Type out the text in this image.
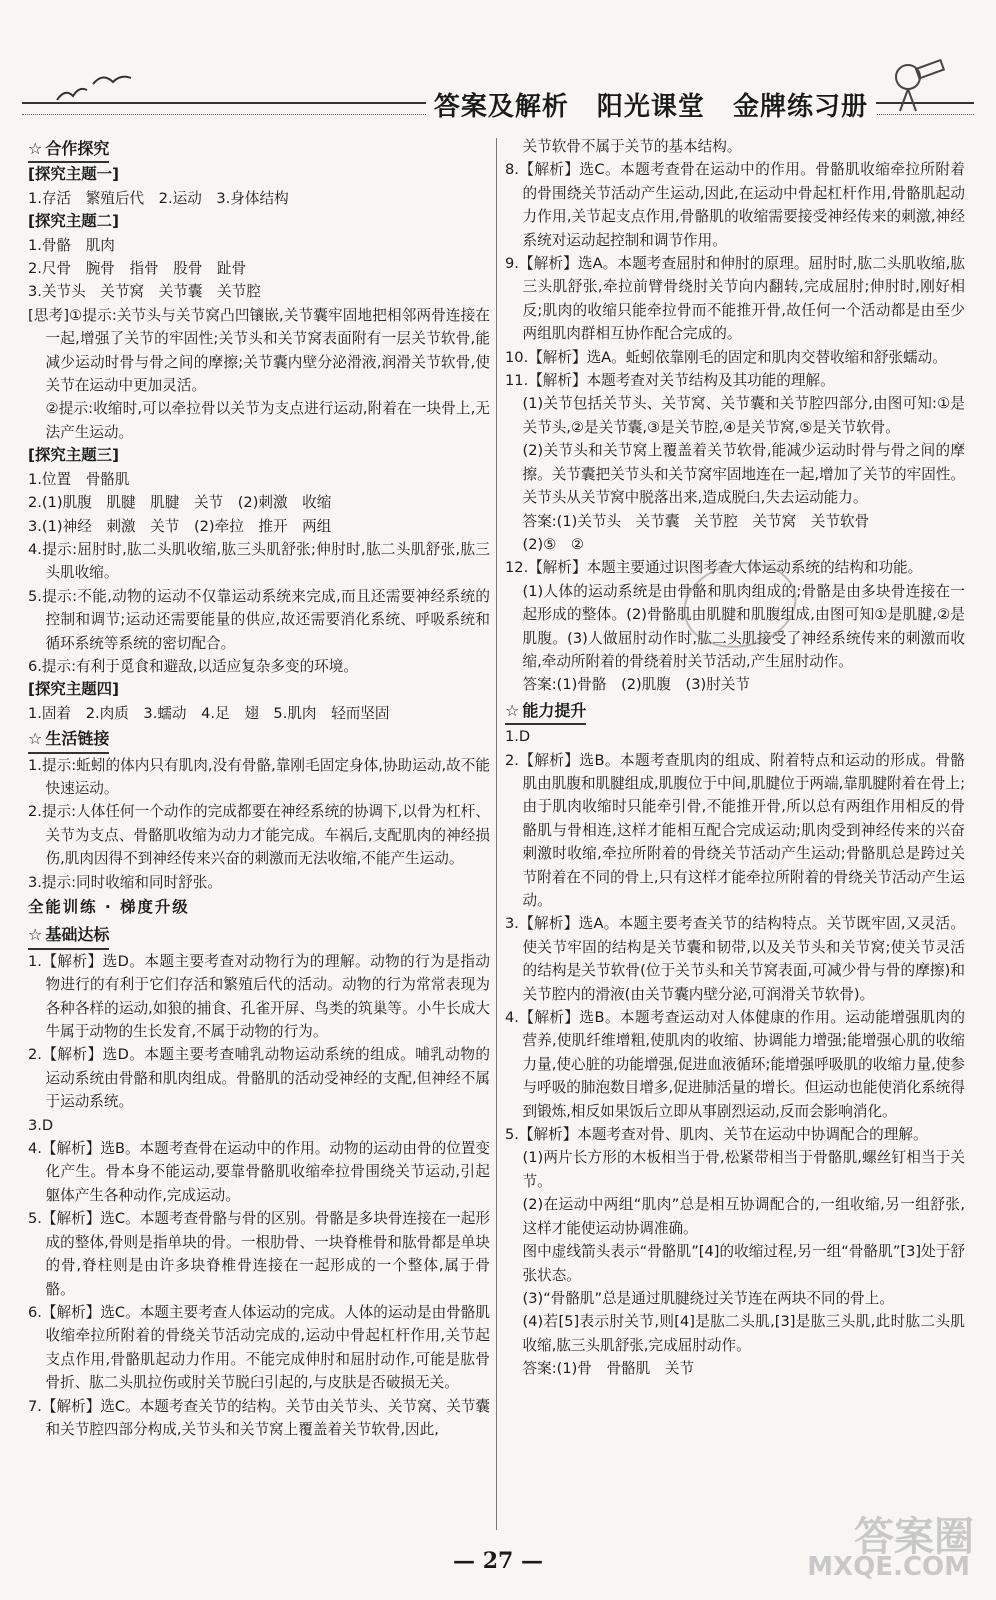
答案及解析 阳光课堂 金牌练习册
☆ 合作探究

[探究主题一]

1.存活　繁殖后代　2.运动　3.身体结构

[探究主题二]

1.骨骼　肌肉

2.尺骨　腕骨　指骨　股骨　趾骨

3.关节头　关节窝　关节囊　关节腔

[思考]①提示:关节头与关节窝凸凹镶嵌,关节囊牢固地把相邻两骨连接在一起,增强了关节的牢固性;关节头和关节窝表面附有一层关节软骨,能减少运动时骨与骨之间的摩擦;关节囊内壁分泌滑液,润滑关节软骨,使关节在运动中更加灵活。

②提示:收缩时,可以牵拉骨以关节为支点进行运动,附着在一块骨上,无法产生运动。

[探究主题三]

1.位置　骨骼肌

2.(1)肌腹　肌腱　肌腱　关节　(2)刺激　收缩

3.(1)神经　刺激　关节　(2)牵拉　推开　两组

4.提示:屈肘时,肱二头肌收缩,肱三头肌舒张;伸肘时,肱二头肌舒张,肱三头肌收缩。

5.提示:不能,动物的运动不仅靠运动系统来完成,而且还需要神经系统的控制和调节;运动还需要能量的供应,故还需要消化系统、呼吸系统和循环系统等系统的密切配合。

6.提示:有利于觅食和避敌,以适应复杂多变的环境。

[探究主题四]

1.固着　2.肉质　3.蠕动　4.足　翅　5.肌肉　轻而坚固

☆ 生活链接

1.提示:蚯蚓的体内只有肌肉,没有骨骼,靠刚毛固定身体,协助运动,故不能快速运动。

2.提示:人体任何一个动作的完成都要在神经系统的协调下,以骨为杠杆、关节为支点、骨骼肌收缩为动力才能完成。车祸后,支配肌肉的神经损伤,肌肉因得不到神经传来兴奋的刺激而无法收缩,不能产生运动。

3.提示:同时收缩和同时舒张。

全能训练 · 梯度升级

☆ 基础达标

1.【解析】选D。本题主要考查对动物行为的理解。动物的行为是指动物进行的有利于它们存活和繁殖后代的活动。动物的行为常常表现为各种各样的运动,如狼的捕食、孔雀开屏、鸟类的筑巢等。小牛长成大牛属于动物的生长发育,不属于动物的行为。

2.【解析】选D。本题主要考查哺乳动物运动系统的组成。哺乳动物的运动系统由骨骼和肌肉组成。骨骼肌的活动受神经的支配,但神经不属于运动系统。

3.D

4.【解析】选B。本题考查骨在运动中的作用。动物的运动由骨的位置变化产生。骨本身不能运动,要靠骨骼肌收缩牵拉骨围绕关节运动,引起躯体产生各种动作,完成运动。

5.【解析】选C。本题考查骨骼与骨的区别。骨骼是多块骨连接在一起形成的整体,骨则是指单块的骨。一根肋骨、一块脊椎骨和肱骨都是单块的骨,脊柱则是由许多块脊椎骨连接在一起形成的一个整体,属于骨骼。

6.【解析】选C。本题主要考查人体运动的完成。人体的运动是由骨骼肌收缩牵拉所附着的骨绕关节活动完成的,运动中骨起杠杆作用,关节起支点作用,骨骼肌起动力作用。不能完成伸肘和屈肘动作,可能是肱骨骨折、肱二头肌拉伤或肘关节脱臼引起的,与皮肤是否破损无关。

7.【解析】选C。本题考查关节的结构。关节由关节头、关节窝、关节囊和关节腔四部分构成,关节头和关节窝上覆盖着关节软骨,因此,

关节软骨不属于关节的基本结构。

8.【解析】选C。本题考查骨在运动中的作用。骨骼肌收缩牵拉所附着的骨围绕关节活动产生运动,因此,在运动中骨起杠杆作用,骨骼肌起动力作用,关节起支点作用,骨骼肌的收缩需要接受神经传来的刺激,神经系统对运动起控制和调节作用。

9.【解析】选A。本题考查屈肘和伸肘的原理。屈肘时,肱二头肌收缩,肱三头肌舒张,牵拉前臂骨绕肘关节向内翻转,完成屈肘;伸肘时,刚好相反;肌肉的收缩只能牵拉骨而不能推开骨,故任何一个活动都是由至少两组肌肉群相互协作配合完成的。

10.【解析】选A。蚯蚓依靠刚毛的固定和肌肉交替收缩和舒张蠕动。

11.【解析】本题考查对关节结构及其功能的理解。

(1)关节包括关节头、关节窝、关节囊和关节腔四部分,由图可知:①是关节头,②是关节囊,③是关节腔,④是关节窝,⑤是关节软骨。

(2)关节头和关节窝上覆盖着关节软骨,能减少运动时骨与骨之间的摩擦。关节囊把关节头和关节窝牢固地连在一起,增加了关节的牢固性。关节头从关节窝中脱落出来,造成脱臼,失去运动能力。

答案:(1)关节头　关节囊　关节腔　关节窝　关节软骨

(2)⑤　②

12.【解析】本题主要通过识图考查人体运动系统的结构和功能。

(1)人体的运动系统是由骨骼和肌肉组成的;骨骼是由多块骨连接在一起形成的整体。(2)骨骼肌由肌腱和肌腹组成,由图可知①是肌腱,②是肌腹。(3)人做屈肘动作时,肱二头肌接受了神经系统传来的刺激而收缩,牵动所附着的骨绕着肘关节活动,产生屈肘动作。

答案:(1)骨骼　(2)肌腹　(3)肘关节

☆ 能力提升

1.D

2.【解析】选B。本题考查肌肉的组成、附着特点和运动的形成。骨骼肌由肌腹和肌腱组成,肌腹位于中间,肌腱位于两端,靠肌腱附着在骨上;由于肌肉收缩时只能牵引骨,不能推开骨,所以总有两组作用相反的骨骼肌与骨相连,这样才能相互配合完成运动;肌肉受到神经传来的兴奋刺激时收缩,牵拉所附着的骨绕关节活动产生运动;骨骼肌总是跨过关节附着在不同的骨上,只有这样才能牵拉所附着的骨绕关节活动产生运动。

3.【解析】选A。本题主要考查关节的结构特点。关节既牢固,又灵活。使关节牢固的结构是关节囊和韧带,以及关节头和关节窝;使关节灵活的结构是关节软骨(位于关节头和关节窝表面,可减少骨与骨的摩擦)和关节腔内的滑液(由关节囊内壁分泌,可润滑关节软骨)。

4.【解析】选B。本题考查运动对人体健康的作用。运动能增强肌肉的营养,使肌纤维增粗,使肌肉的收缩、协调能力增强;能增强心肌的收缩力量,使心脏的功能增强,促进血液循环;能增强呼吸肌的收缩力量,使参与呼吸的肺泡数目增多,促进肺活量的增长。但运动也能使消化系统得到锻炼,相反如果饭后立即从事剧烈运动,反而会影响消化。

5.【解析】本题考查对骨、肌肉、关节在运动中协调配合的理解。

(1)两片长方形的木板相当于骨,松紧带相当于骨骼肌,螺丝钉相当于关节。

(2)在运动中两组“肌肉”总是相互协调配合的,一组收缩,另一组舒张,这样才能使运动协调准确。

图中虚线箭头表示“骨骼肌”[4]的收缩过程,另一组“骨骼肌”[3]处于舒张状态。

(3)“骨骼肌”总是通过肌腱绕过关节连在两块不同的骨上。

(4)若[5]表示肘关节,则[4]是肱二头肌,[3]是肱三头肌,此时肱二头肌收缩,肱三头肌舒张,完成屈肘动作。

答案:(1)骨　骨骼肌　关节

— 27 —
答案圈
MXQE.COM
